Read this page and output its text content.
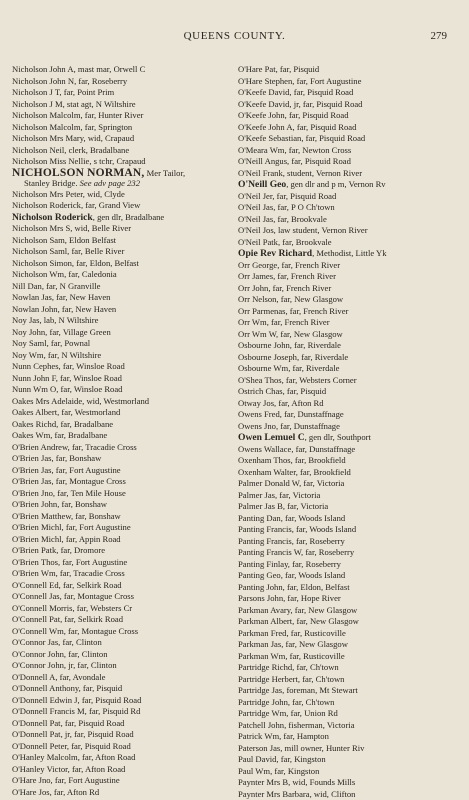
QUEENS COUNTY.	279
Nicholson John A, mast mar, Orwell C
Nicholson John N, far, Roseberry
Nicholson J T, far, Point Prim
Nicholson J M, stat agt, N Wiltshire
Nicholson Malcolm, far, Hunter River
Nicholson Malcolm, far, Springton
Nicholson Mrs Mary, wid, Crapaud
Nicholson Neil, clerk, Bradalbane
Nicholson Miss Nellie, s tchr, Crapaud
NICHOLSON NORMAN, Mer Tailor,
Stanley Bridge. See adv page 232
Nicholson Mrs Peter, wid, Clyde
Nicholson Roderick, far, Grand View
Nicholson Roderick, gen dlr, Bradalbane
Nicholson Mrs S, wid, Belle River
Nicholson Sam, Eldon Belfast
Nicholson Saml, far, Belle River
Nicholson Simon, far, Eldon, Belfast
Nicholson Wm, far, Caledonia
Nill Dan, far, N Granville
Nowlan Jas, far, New Haven
Nowlan John, far, New Haven
Noy Jas, lab, N Wiltshire
Noy John, far, Village Green
Noy Saml, far, Pownal
Noy Wm, far, N Wiltshire
Nunn Cephes, far, Winsloe Road
Nunn John F, far, Winsloe Road
Nunn Wm O, far, Winsloe Road
Oakes Mrs Adelaide, wid, Westmorland
Oakes Albert, far, Westmorland
Oakes Richd, far, Bradalbane
Oakes Wm, far, Bradalbane
O'Brien Andrew, far, Tracadie Cross
O'Brien Jas, far, Bonshaw
O'Brien Jas, far, Fort Augustine
O'Brien Jas, far, Montague Cross
O'Brien Jno, far, Ten Mile House
O'Brien John, far, Bonshaw
O'Brien Matthew, far, Bonshaw
O'Brien Michl, far, Fort Augustine
O'Brien Michl, far, Appin Road
O'Brien Patk, far, Dromore
O'Brien Thos, far, Fort Augustine
O'Brien Wm, far, Tracadie Cross
O'Connell Ed, far, Selkirk Road
O'Connell Jas, far, Montague Cross
O'Connell Morris, far, Websters Cr
O'Connell Pat, far, Selkirk Road
O'Connell Wm, far, Montague Cross
O'Connor Jas, far, Clinton
O'Connor John, far, Clinton
O'Connor John, jr, far, Clinton
O'Donnell A, far, Avondale
O'Donnell Anthony, far, Pisquid
O'Donnell Edwin J, far, Pisquid Road
O'Donnell Francis M, far, Pisquid Rd
O'Donnell Pat, far, Pisquid Road
O'Donnell Pat, jr, far, Pisquid Road
O'Donnell Peter, far, Pisquid Road
O'Hanley Malcolm, far, Afton Road
O'Hanley Victor, far, Afton Road
O'Hare Jno, far, Fort Augustine
O'Hare Jos, far, Afton Rd
O'Hare Pat, far, Pisquid
O'Hare Stephen, far, Fort Augustine
O'Keefe David, far, Pisquid Road
O'Keefe David, jr, far, Pisquid Road
O'Keefe John, far, Pisquid Road
O'Keefe John A, far, Pisquid Road
O'Keefe Sebastian, far, Pisquid Road
O'Meara Wm, far, Newton Cross
O'Neill Angus, far, Pisquid Road
O'Neil Frank, student, Vernon River
O'Neill Geo, gen dlr and p m, Vernon Rv
O'Neil Jer, far, Pisquid Road
O'Neil Jas, far, P O Ch'town
O'Neil Jas, far, Brookvale
O'Neil Jos, law student, Vernon River
O'Neil Patk, far, Brookvale
Opie Rev Richard, Methodist, Little Yk
Orr George, far, French River
Orr James, far, French River
Orr John, far, French River
Orr Nelson, far, New Glasgow
Orr Parmenas, far, French River
Orr Wm, far, French River
Orr Wm W, far, New Glasgow
Osbourne John, far, Riverdale
Osbourne Joseph, far, Riverdale
Osbourne Wm, far, Riverdale
O'Shea Thos, far, Websters Corner
Ostrich Chas, far, Pisquid
Otway Jos, far, Afton Rd
Owens Fred, far, Dunstaffnage
Owens Jno, far, Dunstaffnage
Owen Lemuel C, gen dlr, Southport
Owens Wallace, far, Dunstaffnage
Oxenham Thos, far, Brookfield
Oxenham Walter, far, Brookfield
Palmer Donald W, far, Victoria
Palmer Jas, far, Victoria
Palmer Jas B, far, Victoria
Panting Dan, far, Woods Island
Panting Francis, far, Woods Island
Panting Francis, far, Roseberry
Panting Francis W, far, Roseberry
Panting Finlay, far, Roseberry
Panting Geo, far, Woods Island
Panting John, far, Eldon, Belfast
Parsons John, far, Hope River
Parkman Avary, far, New Glasgow
Parkman Albert, far, New Glasgow
Parkman Fred, far, Rusticoville
Parkman Jas, far, New Glasgow
Parkman Wm, far, Rusticoville
Partridge Richd, far, Ch'town
Partridge Herbert, far, Ch'town
Partridge Jas, foreman, Mt Stewart
Partridge John, far, Ch'town
Partridge Wm, far, Union Rd
Patchell John, fisherman, Victoria
Patrick Wm, far, Hampton
Paterson Jas, mill owner, Hunter Riv
Paul David, far, Kingston
Paul Wm, far, Kingston
Paynter Mrs B, wid, Founds Mills
Paynter Mrs Barbara, wid, Clifton
